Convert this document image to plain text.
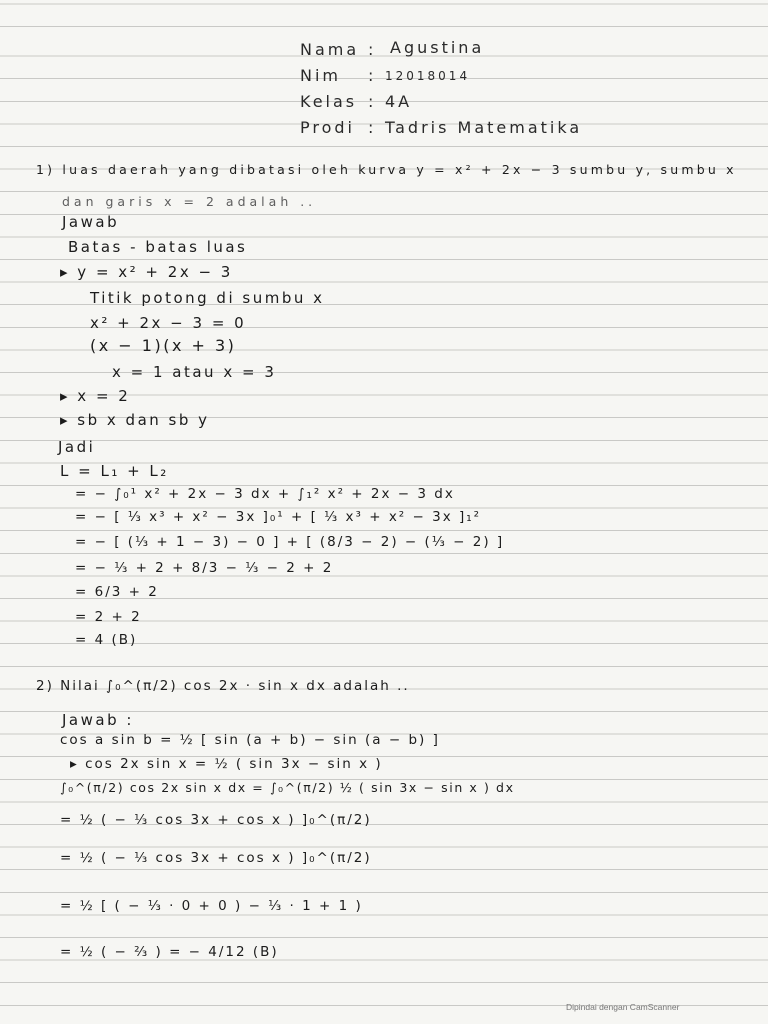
Nama : Agustina
Nim : 12018014
Kelas : 4A
Prodi : Tadris Matematika
1) luas daerah yang dibatasi oleh kurva y = x² + 2x − 3 sumbu y, sumbu x
dan garis x = 2 adalah ..
Jawab
Batas - batas luas
▸ y = x² + 2x − 3
Titik potong di sumbu x
x² + 2x − 3 = 0
(x − 1)(x + 3)
x = 1 atau x = 3
▸ x = 2
▸ sb x dan sb y
Jadi
L = L₁ + L₂
= − ∫₀¹ x² + 2x − 3 dx + ∫₁² x² + 2x − 3 dx
= − [ ⅓ x³ + x² − 3x ]₀¹ + [ ⅓ x³ + x² − 3x ]₁²
= − [ (⅓ + 1 − 3) − 0 ] + [ (8/3 − 2) − (⅓ − 2) ]
= − ⅓ + 2 + 8/3 − ⅓ − 2 + 2
= 6/3 + 2
= 2 + 2
= 4 (B)
2) Nilai ∫₀^(π/2) cos 2x · sin x dx adalah ..
Jawab :
cos a sin b = ½ [ sin (a + b) − sin (a − b) ]
▸ cos 2x sin x = ½ ( sin 3x − sin x )
∫₀^(π/2) cos 2x sin x dx = ∫₀^(π/2) ½ ( sin 3x − sin x ) dx
= ½ ( − ⅓ cos 3x + cos x ) ]₀^(π/2)
= ½ ( − ⅓ cos 3x + cos x ) ]₀^(π/2)
= ½ [ ( − ⅓ · 0 + 0 ) − ⅓ · 1 + 1 )
= ½ ( − ⅔ ) = − 4/12 (B)
Dipindai dengan CamScanner
